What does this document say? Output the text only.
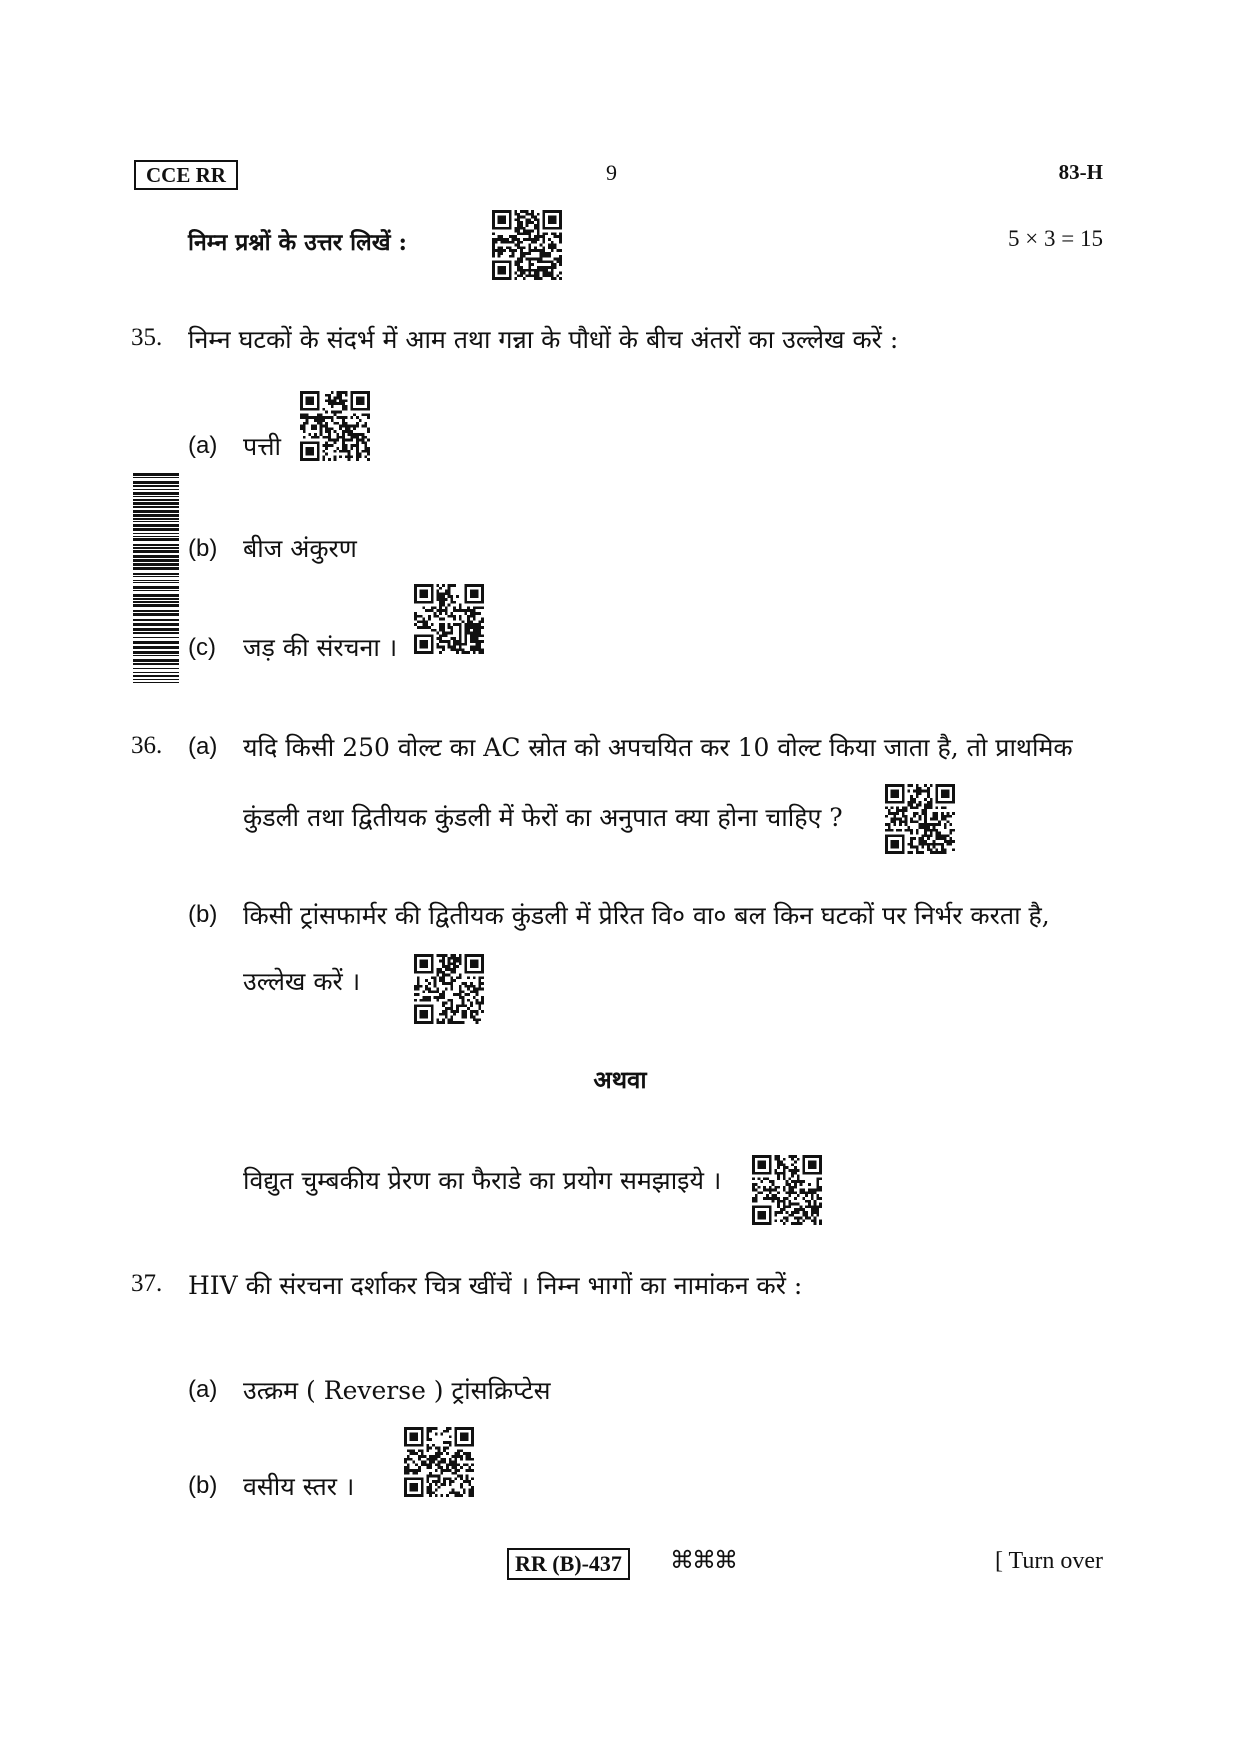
CCE RR	9	83-H
निम्न प्रश्नों के उत्तर लिखें :	5 × 3 = 15
35. निम्न घटकों के संदर्भ में आम तथा गन्ना के पौधों के बीच अंतरों का उल्लेख करें :
(a) पत्ती
(b) बीज अंकुरण
(c) जड़ की संरचना ।
36. (a) यदि किसी 250 वोल्ट का AC स्रोत को अपचयित कर 10 वोल्ट किया जाता है, तो प्राथमिक
कुंडली तथा द्वितीयक कुंडली में फेरों का अनुपात क्या होना चाहिए ?
(b) किसी ट्रांसफार्मर की द्वितीयक कुंडली में प्रेरित वि० वा० बल किन घटकों पर निर्भर करता है,
उल्लेख करें ।
अथवा
विद्युत चुम्बकीय प्रेरण का फैराडे का प्रयोग समझाइये ।
37. HIV की संरचना दर्शाकर चित्र खींचें । निम्न भागों का नामांकन करें :
(a) उत्क्रम ( Reverse ) ट्रांसक्रिप्टेस
(b) वसीय स्तर ।
RR (B)-437	⌘⌘⌘	[ Turn over
